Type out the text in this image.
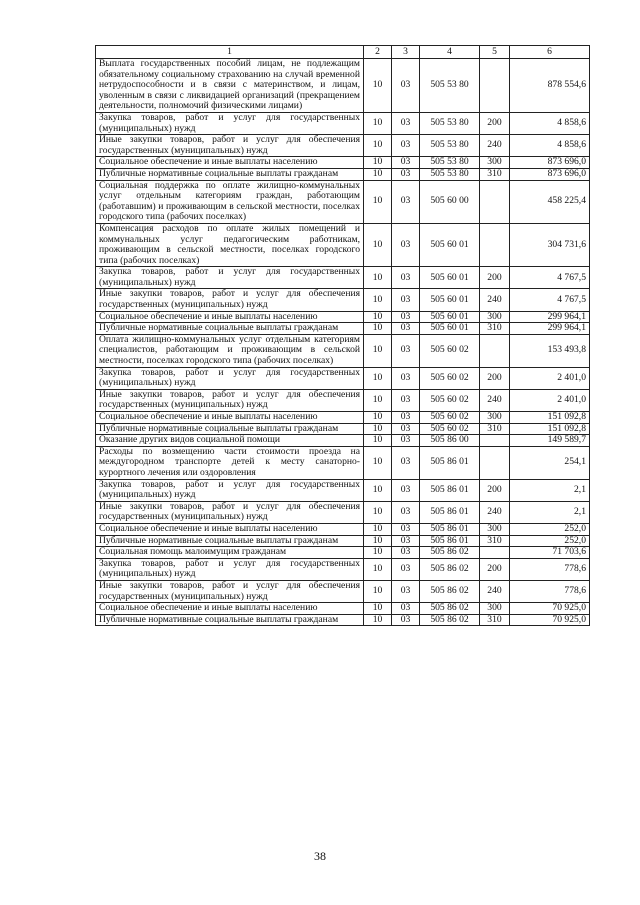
1	2	3	4	5	6
Выплата государственных пособий лицам, не подлежащим обязательному социальному страхованию на случай временной нетрудоспособности и в связи с материнством, и лицам, уволенным в связи с ликвидацией организаций (прекращением деятельности, полномочий физическими лицами)	10	03	505 53 80		878 554,6
Закупка товаров, работ и услуг для государственных (муниципальных) нужд	10	03	505 53 80	200	4 858,6
Иные закупки товаров, работ и услуг для обеспечения государственных (муниципальных) нужд	10	03	505 53 80	240	4 858,6
Социальное обеспечение и иные выплаты населению	10	03	505 53 80	300	873 696,0
Публичные нормативные социальные выплаты гражданам	10	03	505 53 80	310	873 696,0
Социальная поддержка по оплате жилищно-коммунальных услуг отдельным категориям граждан, работающим (работавшим) и проживающим в сельской местности, поселках городского типа (рабочих поселках)	10	03	505 60 00		458 225,4
Компенсация расходов по оплате жилых помещений и коммунальных услуг педагогическим работникам, проживающим в сельской местности, поселках городского типа (рабочих поселках)	10	03	505 60 01		304 731,6
Закупка товаров, работ и услуг для государственных (муниципальных) нужд	10	03	505 60 01	200	4 767,5
Иные закупки товаров, работ и услуг для обеспечения государственных (муниципальных) нужд	10	03	505 60 01	240	4 767,5
Социальное обеспечение и иные выплаты населению	10	03	505 60 01	300	299 964,1
Публичные нормативные социальные выплаты гражданам	10	03	505 60 01	310	299 964,1
Оплата жилищно-коммунальных услуг отдельным категориям специалистов, работающим и проживающим в сельской местности, поселках городского типа (рабочих поселках)	10	03	505 60 02		153 493,8
Закупка товаров, работ и услуг для государственных (муниципальных) нужд	10	03	505 60 02	200	2 401,0
Иные закупки товаров, работ и услуг для обеспечения государственных (муниципальных) нужд	10	03	505 60 02	240	2 401,0
Социальное обеспечение и иные выплаты населению	10	03	505 60 02	300	151 092,8
Публичные нормативные социальные выплаты гражданам	10	03	505 60 02	310	151 092,8
Оказание других видов социальной помощи	10	03	505 86 00		149 589,7
Расходы по возмещению части стоимости проезда на междугородном транспорте детей к месту санаторно-курортного лечения или оздоровления	10	03	505 86 01		254,1
Закупка товаров, работ и услуг для государственных (муниципальных) нужд	10	03	505 86 01	200	2,1
Иные закупки товаров, работ и услуг для обеспечения государственных (муниципальных) нужд	10	03	505 86 01	240	2,1
Социальное обеспечение и иные выплаты населению	10	03	505 86 01	300	252,0
Публичные нормативные социальные выплаты гражданам	10	03	505 86 01	310	252,0
Социальная помощь малоимущим гражданам	10	03	505 86 02		71 703,6
Закупка товаров, работ и услуг для государственных (муниципальных) нужд	10	03	505 86 02	200	778,6
Иные закупки товаров, работ и услуг для обеспечения государственных (муниципальных) нужд	10	03	505 86 02	240	778,6
Социальное обеспечение и иные выплаты населению	10	03	505 86 02	300	70 925,0
Публичные нормативные социальные выплаты гражданам	10	03	505 86 02	310	70 925,0
38
